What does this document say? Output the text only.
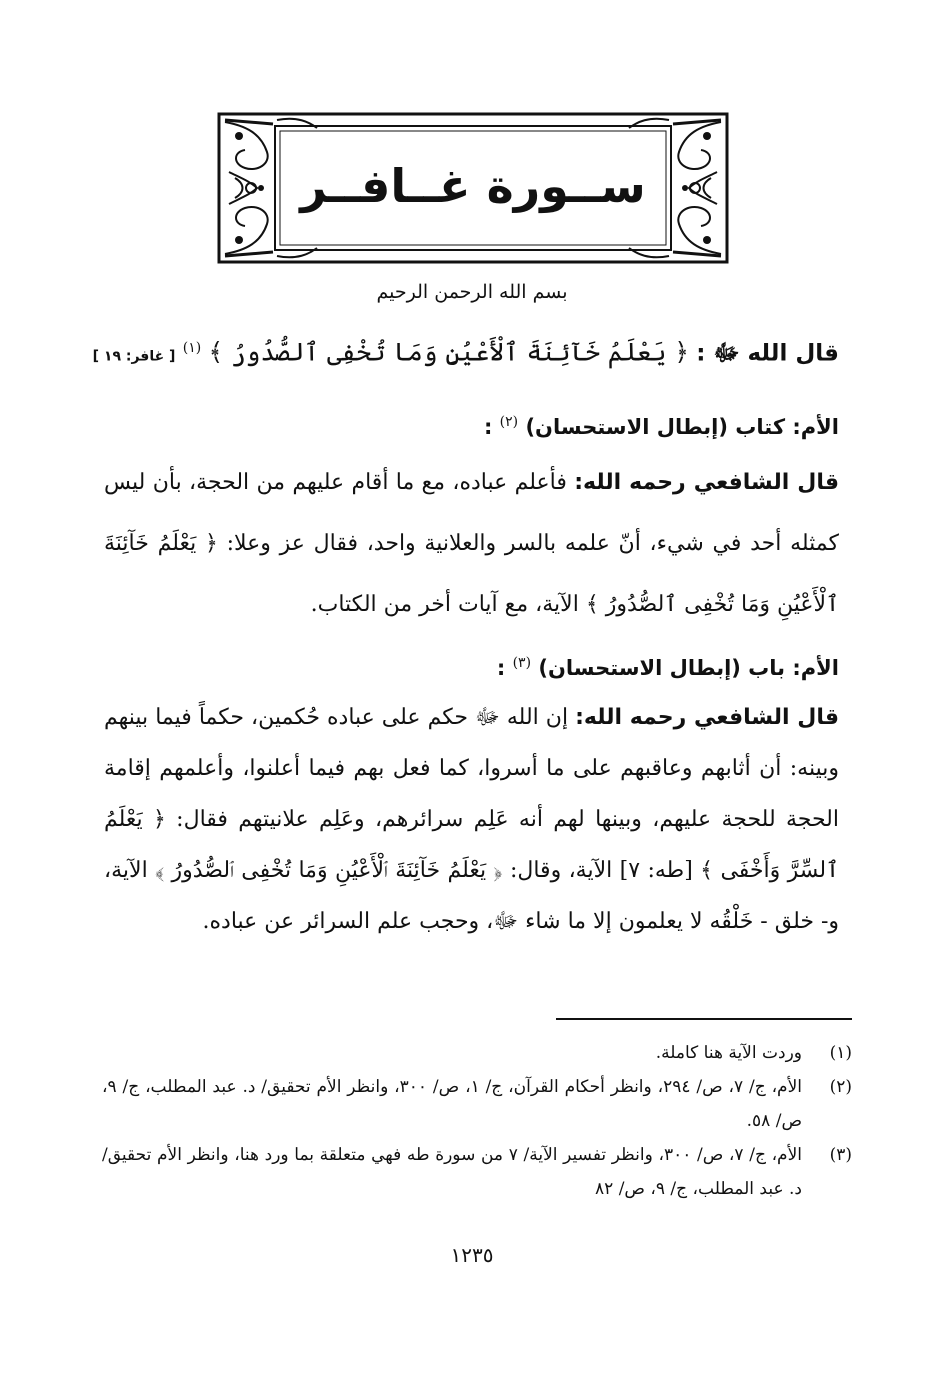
ســورة غــافــر
بسم الله الرحمن الرحيم
قال الله ﷻ : ﴿ يَعْلَمُ خَآئِنَةَ ٱلْأَعْيُنِ وَمَا تُخْفِى ٱلصُّدُورُ ﴾ $^{(١)}$ [ غافر: ١٩ ]
الأم: كتاب (إبطال الاستحسان) $^{(٢)}$ :
قال الشافعي رحمه الله: فأعلم عباده، مع ما أقام عليهم من الحجة، بأن ليس كمثله أحد في شيء، أنّ علمه بالسر والعلانية واحد، فقال عز وعلا: ﴿ يَعْلَمُ خَآئِنَةَ ٱلْأَعْيُنِ وَمَا تُخْفِى ٱلصُّدُورُ ﴾ الآية، مع آيات أخر من الكتاب.
الأم: باب (إبطال الاستحسان) $^{(٣)}$ :
قال الشافعي رحمه الله: إن الله ﷻ حكم على عباده حُكمين، حكماً فيما بينهم وبينه: أن أثابهم وعاقبهم على ما أسروا، كما فعل بهم فيما أعلنوا، وأعلمهم إقامة الحجة للحجة عليهم، وبينها لهم أنه عَلِم سرائرهم، وعَلِم علانيتهم فقال: ﴿ يَعْلَمُ ٱلسِّرَّ وَأَخْفَى ﴾ [طه: ٧] الآية، وقال: ﴿ يَعْلَمُ خَآئِنَةَ ٱلْأَعْيُنِ وَمَا تُخْفِى ٱلصُّدُورُ ﴾ الآية، و- خلق - خَلْقُه لا يعلمون إلا ما شاء ﷻ، وحجب علم السرائر عن عباده.
(١)
وردت الآية هنا كاملة.
(٢)
الأم، ج/ ٧، ص/ ٢٩٤، وانظر أحكام القرآن، ج/ ١، ص/ ٣٠٠، وانظر الأم تحقيق/ د. عبد المطلب، ج/ ٩، ص/ ٥٨.
(٣)
الأم، ج/ ٧، ص/ ٣٠٠، وانظر تفسير الآية/ ٧ من سورة طه فهي متعلقة بما ورد هنا، وانظر الأم تحقيق/ د. عبد المطلب، ج/ ٩، ص/ ٨٢
١٢٣٥
